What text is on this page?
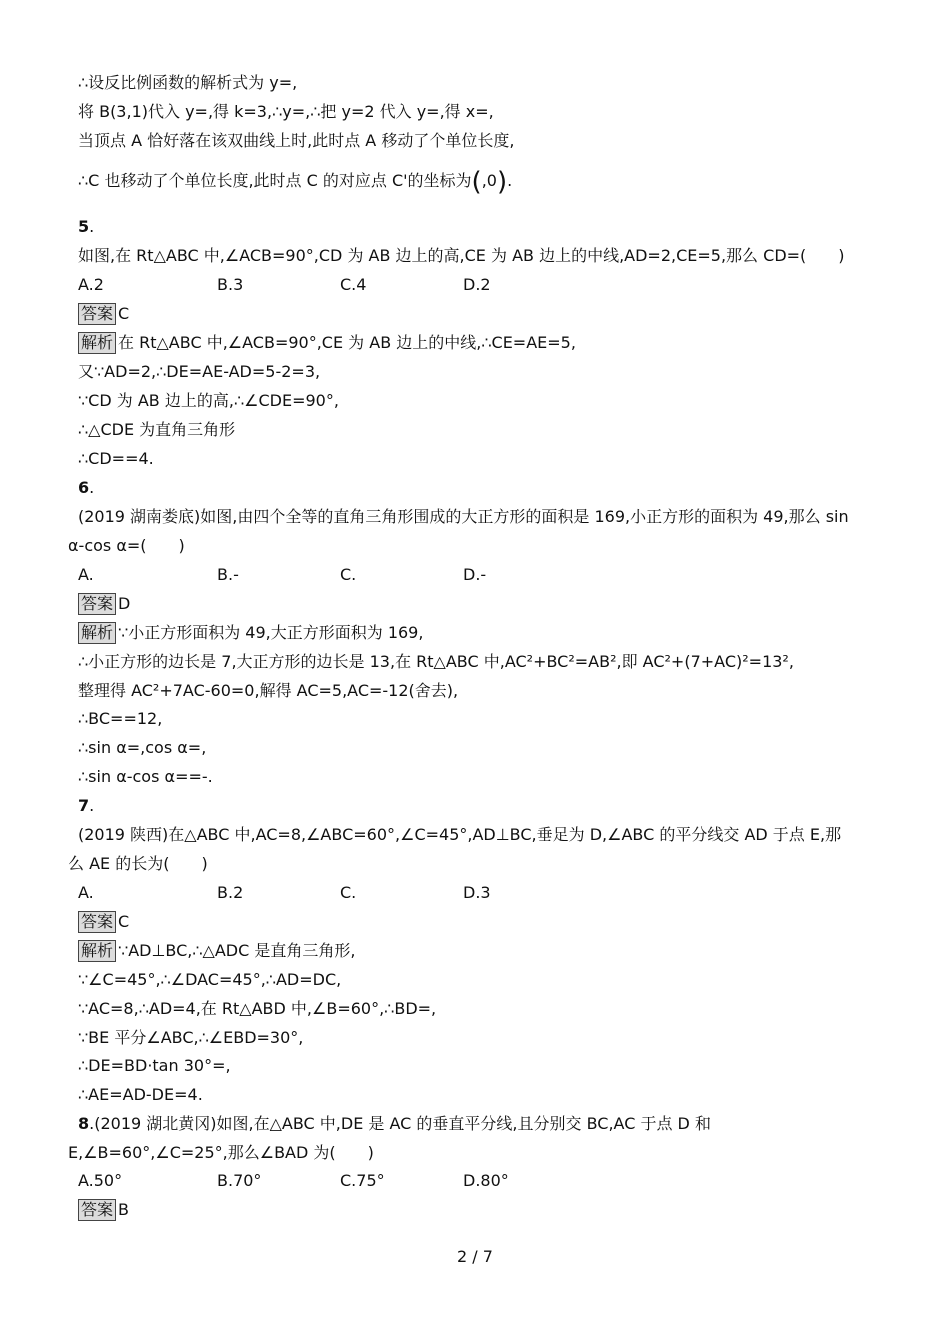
∴设反比例函数的解析式为 y=,
将 B(3,1)代入 y=,得 k=3,∴y=,∴把 y=2 代入 y=,得 x=,
当顶点 A 恰好落在该双曲线上时,此时点 A 移动了个单位长度,
∴C 也移动了个单位长度,此时点 C 的对应点 C'的坐标为(,0).
5.
如图,在 Rt△ABC 中,∠ACB=90°,CD 为 AB 边上的高,CE 为 AB 边上的中线,AD=2,CE=5,那么 CD=(　　)
A.2	B.3	C.4	D.2
答案 C
解析 在 Rt△ABC 中,∠ACB=90°,CE 为 AB 边上的中线,∴CE=AE=5,
又∵AD=2,∴DE=AE-AD=5-2=3,
∵CD 为 AB 边上的高,∴∠CDE=90°,
∴△CDE 为直角三角形
∴CD==4.
6.
(2019 湖南娄底)如图,由四个全等的直角三角形围成的大正方形的面积是 169,小正方形的面积为 49,那么 sin
α-cos α=(　　)
A.	B.-	C.	D.-
答案 D
解析 ∵小正方形面积为 49,大正方形面积为 169,
∴小正方形的边长是 7,大正方形的边长是 13,在 Rt△ABC 中,AC²+BC²=AB²,即 AC²+(7+AC)²=13²,
整理得 AC²+7AC-60=0,解得 AC=5,AC=-12(舍去),
∴BC==12,
∴sin α=,cos α=,
∴sin α-cos α==-.
7.
(2019 陕西)在△ABC 中,AC=8,∠ABC=60°,∠C=45°,AD⊥BC,垂足为 D,∠ABC 的平分线交 AD 于点 E,那
么 AE 的长为(　　)
A.	B.2	C.	D.3
答案 C
解析 ∵AD⊥BC,∴△ADC 是直角三角形,
∵∠C=45°,∴∠DAC=45°,∴AD=DC,
∵AC=8,∴AD=4,在 Rt△ABD 中,∠B=60°,∴BD=,
∵BE 平分∠ABC,∴∠EBD=30°,
∴DE=BD·tan 30°=,
∴AE=AD-DE=4.
8.(2019 湖北黄冈)如图,在△ABC 中,DE 是 AC 的垂直平分线,且分别交 BC,AC 于点 D 和
E,∠B=60°,∠C=25°,那么∠BAD 为(　　)
A.50°	B.70°	C.75°	D.80°
答案 B
2 / 7
